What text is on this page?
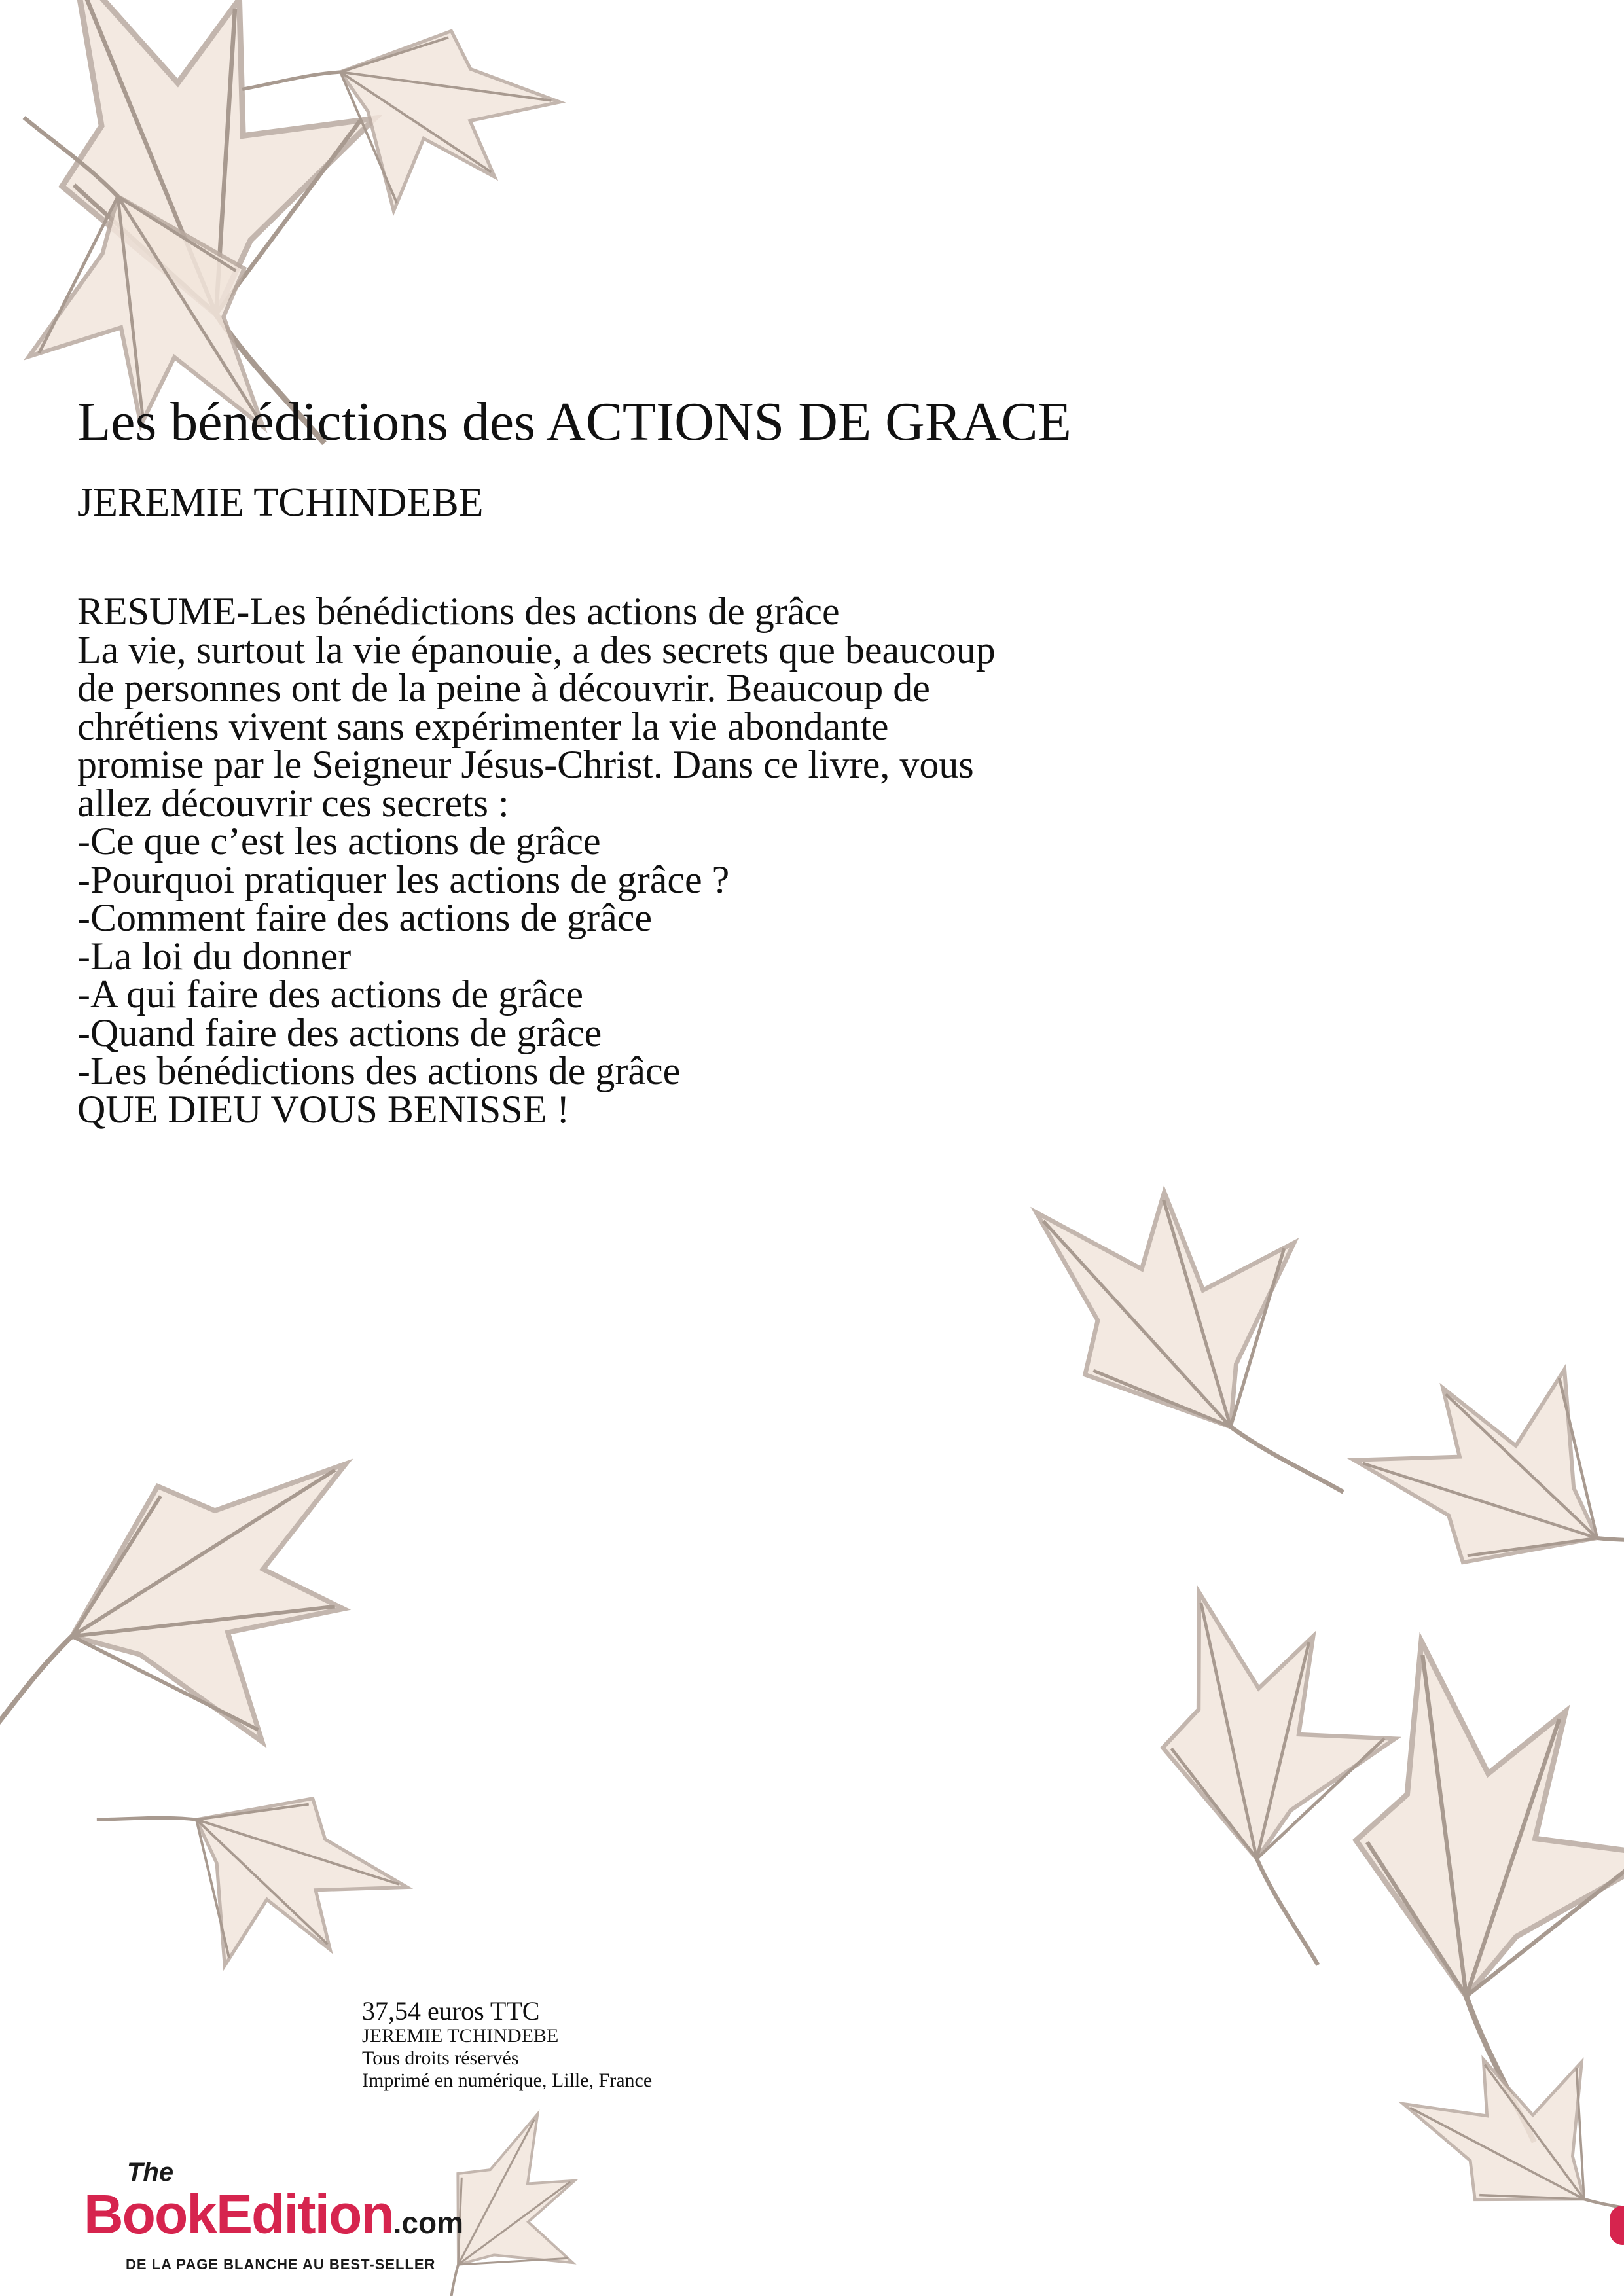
Les bénédictions des ACTIONS DE GRACE
JEREMIE TCHINDEBE
RESUME-Les bénédictions des actions de grâce
La vie, surtout la vie épanouie, a des secrets que beaucoup
de personnes ont de la peine à découvrir. Beaucoup de
chrétiens vivent sans expérimenter la vie abondante
promise par le Seigneur Jésus-Christ. Dans ce livre, vous
allez découvrir ces secrets :
-Ce que c’est les actions de grâce
-Pourquoi pratiquer les actions de grâce ?
-Comment faire des actions de grâce
-La loi du donner
-A qui faire des actions de grâce
-Quand faire des actions de grâce
-Les bénédictions des actions de grâce
QUE DIEU VOUS BENISSE !
37,54 euros TTC
JEREMIE TCHINDEBE
Tous droits réservés
Imprimé en numérique, Lille, France
The
BookEdition.com
DE LA PAGE BLANCHE AU BEST-SELLER
